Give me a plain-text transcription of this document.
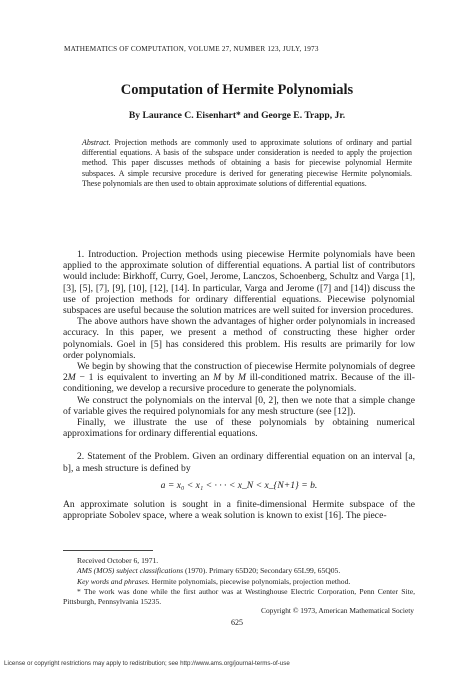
MATHEMATICS OF COMPUTATION, VOLUME 27, NUMBER 123, JULY, 1973
Computation of Hermite Polynomials
By Laurance C. Eisenhart* and George E. Trapp, Jr.
Abstract. Projection methods are commonly used to approximate solutions of ordinary and partial differential equations. A basis of the subspace under consideration is needed to apply the projection method. This paper discusses methods of obtaining a basis for piecewise polynomial Hermite subspaces. A simple recursive procedure is derived for generating piecewise Hermite polynomials. These polynomials are then used to obtain approximate solutions of differential equations.

1. Introduction. Projection methods using piecewise Hermite polynomials have been applied to the approximate solution of differential equations. A partial list of contributors would include: Birkhoff, Curry, Goel, Jerome, Lanczos, Schoenberg, Schultz and Varga [1], [3], [5], [7], [9], [10], [12], [14]. In particular, Varga and Jerome ([7] and [14]) discuss the use of projection methods for ordinary differential equations. Piecewise polynomial subspaces are useful because the solution matrices are well suited for inversion procedures.

The above authors have shown the advantages of higher order polynomials in increased accuracy. In this paper, we present a method of constructing these higher order polynomials. Goel in [5] has considered this problem. His results are primarily for low order polynomials.

We begin by showing that the construction of piecewise Hermite polynomials of degree 2M − 1 is equivalent to inverting an M by M ill-conditioned matrix. Because of the ill-conditioning, we develop a recursive procedure to generate the polynomials.

We construct the polynomials on the interval [0, 2], then we note that a simple change of variable gives the required polynomials for any mesh structure (see [12]).

Finally, we illustrate the use of these polynomials by obtaining numerical approximations for ordinary differential equations.

2. Statement of the Problem. Given an ordinary differential equation on an interval [a, b], a mesh structure is defined by

a = x₀ < x₁ < · · · < x_N < x_{N+1} = b.

An approximate solution is sought in a finite-dimensional Hermite subspace of the appropriate Sobolev space, where a weak solution is known to exist [16]. The piece-

Received October 6, 1971.

AMS (MOS) subject classifications (1970). Primary 65D20; Secondary 65L99, 65Q05.

Key words and phrases. Hermite polynomials, piecewise polynomials, projection method.

* The work was done while the first author was at Westinghouse Electric Corporation, Penn Center Site, Pittsburgh, Pennsylvania 15235.

Copyright © 1973, American Mathematical Society
625
License or copyright restrictions may apply to redistribution; see http://www.ams.org/journal-terms-of-use
